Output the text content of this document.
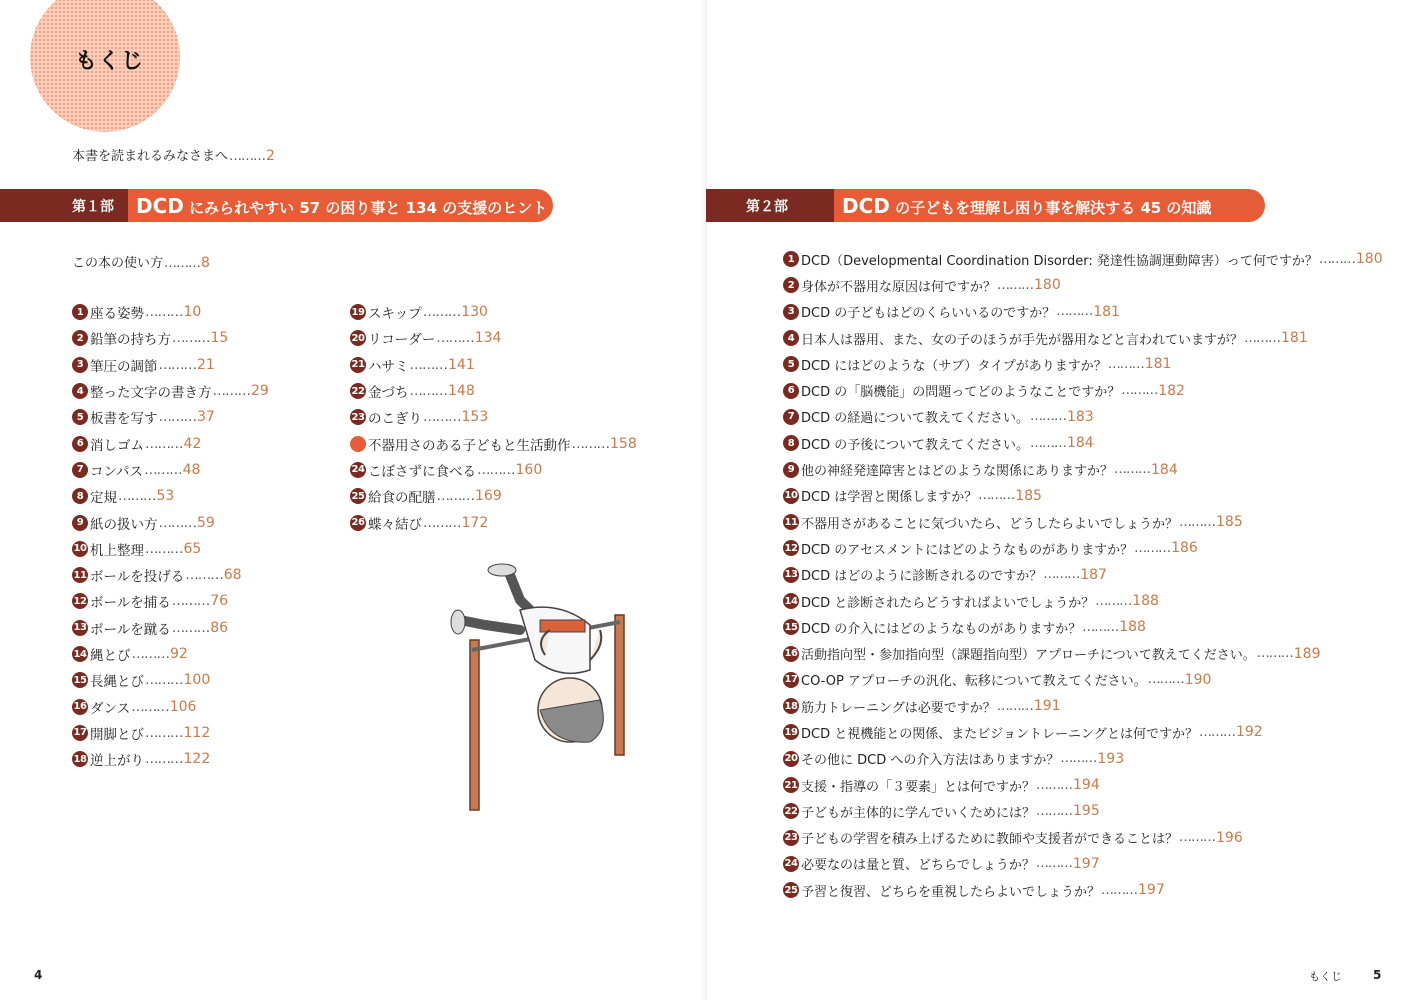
もくじ
本書を読まれるみなさまへ………2
第１部	DCD にみられやすい 57 の困り事と 134 の支援のヒント
この本の使い方………8
1 座る姿勢 ……… 10
2 鉛筆の持ち方 ……… 15
3 筆圧の調節 ……… 21
4 整った文字の書き方 ……… 29
5 板書を写す ……… 37
6 消しゴム ……… 42
7 コンパス ……… 48
8 定規 ……… 53
9 紙の扱い方 ……… 59
10 机上整理 ……… 65
11 ボールを投げる ……… 68
12 ボールを捕る ……… 76
13 ボールを蹴る ……… 86
14 縄とび ……… 92
15 長縄とび ……… 100
16 ダンス ……… 106
17 開脚とび ……… 112
18 逆上がり ……… 122
19 スキップ ……… 130
20 リコーダー ……… 134
21 ハサミ ……… 141
22 金づち ……… 148
23 のこぎり ……… 153
不器用さのある子どもと生活動作 ……… 158
24 こぼさずに食べる ……… 160
25 給食の配膳 ……… 169
26 蝶々結び ……… 172
4
第２部	DCD の子どもを理解し困り事を解決する 45 の知識
1 DCD（Developmental Coordination Disorder: 発達性協調運動障害）って何ですか？ ……… 180
2 身体が不器用な原因は何ですか？ ……… 180
3 DCD の子どもはどのくらいいるのですか？ ……… 181
4 日本人は器用、また、女の子のほうが手先が器用などと言われていますが？ ……… 181
5 DCD にはどのような（サブ）タイプがありますか？ ……… 181
6 DCD の「脳機能」の問題ってどのようなことですか？ ……… 182
7 DCD の経過について教えてください。 ……… 183
8 DCD の予後について教えてください。 ……… 184
9 他の神経発達障害とはどのような関係にありますか？ ……… 184
10 DCD は学習と関係しますか？ ……… 185
11 不器用さがあることに気づいたら、どうしたらよいでしょうか？ ……… 185
12 DCD のアセスメントにはどのようなものがありますか？ ……… 186
13 DCD はどのように診断されるのですか？ ……… 187
14 DCD と診断されたらどうすればよいでしょうか？ ……… 188
15 DCD の介入にはどのようなものがありますか？ ……… 188
16 活動指向型・参加指向型（課題指向型）アプローチについて教えてください。 ……… 189
17 CO-OP アプローチの汎化、転移について教えてください。 ……… 190
18 筋力トレーニングは必要ですか？ ……… 191
19 DCD と視機能との関係、またビジョントレーニングとは何ですか？ ……… 192
20 その他に DCD への介入方法はありますか？ ……… 193
21 支援・指導の「３要素」とは何ですか？ ……… 194
22 子どもが主体的に学んでいくためには？ ……… 195
23 子どもの学習を積み上げるために教師や支援者ができることは？ ……… 196
24 必要なのは量と質、どちらでしょうか？ ……… 197
25 予習と復習、どちらを重視したらよいでしょうか？ ……… 197
もくじ	5
